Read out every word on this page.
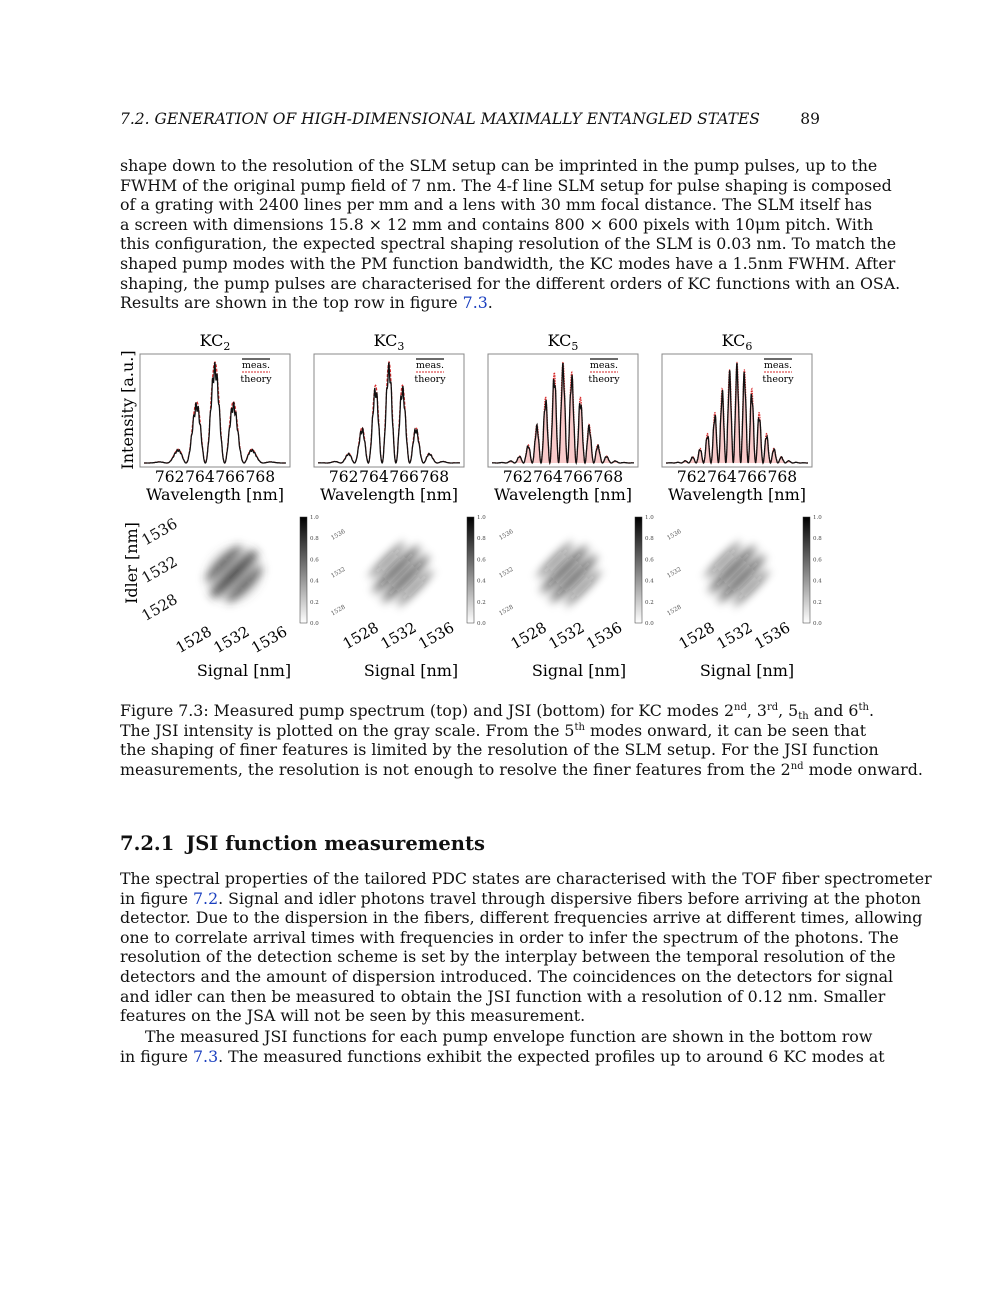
7.2. GENERATION OF HIGH-DIMENSIONAL MAXIMALLY ENTANGLED STATES	89
shape down to the resolution of the SLM setup can be imprinted in the pump pulses, up to the
FWHM of the original pump field of 7 nm. The 4-f line SLM setup for pulse shaping is composed
of a grating with 2400 lines per mm and a lens with 30 mm focal distance. The SLM itself has
a screen with dimensions 15.8 × 12 mm and contains 800 × 600 pixels with 10μm pitch. With
this configuration, the expected spectral shaping resolution of the SLM is 0.03 nm. To match the
shaped pump modes with the PM function bandwidth, the KC modes have a 1.5nm FWHM. After
shaping, the pump pulses are characterised for the different orders of KC functions with an OSA.
Results are shown in the top row in figure 7.3.
Intensity [a.u.]
$KC_2$
meas.
theory
762 764 766 768
Wavelength [nm]
$KC_3$
meas.
theory
762 764 766 768
Wavelength [nm]
$KC_5$
meas.
theory
762 764 766 768
Wavelength [nm]
$KC_6$
meas.
theory
762 764 766 768
Wavelength [nm]
Idler [nm]
1528
1528
1532
1532
1536
1536
Signal [nm]
1.0
0.8
0.6
0.4
0.2
0.0 1528
1528
1532
1532
1536
1536
Signal [nm]
1.0
0.8
0.6
0.4
0.2
0.0 1528
1528
1532
1532
1536
1536
Signal [nm]
1.0
0.8
0.6
0.4
0.2
0.0 1528
1528
1532
1532
1536
1536
Signal [nm]
1.0
0.8
0.6
0.4
0.2
0.0
Figure 7.3: Measured pump spectrum (top) and JSI (bottom) for KC modes 2nd, 3rd, $5_{th}$ and 6th.
The JSI intensity is plotted on the gray scale. From the 5th modes onward, it can be seen that
the shaping of finer features is limited by the resolution of the SLM setup. For the JSI function
measurements, the resolution is not enough to resolve the finer features from the 2nd mode onward.
7.2.1 JSI function measurements
The spectral properties of the tailored PDC states are characterised with the TOF fiber spectrometer
in figure 7.2. Signal and idler photons travel through dispersive fibers before arriving at the photon
detector. Due to the dispersion in the fibers, different frequencies arrive at different times, allowing
one to correlate arrival times with frequencies in order to infer the spectrum of the photons. The
resolution of the detection scheme is set by the interplay between the temporal resolution of the
detectors and the amount of dispersion introduced. The coincidences on the detectors for signal
and idler can then be measured to obtain the JSI function with a resolution of 0.12 nm. Smaller
features on the JSA will not be seen by this measurement.
The measured JSI functions for each pump envelope function are shown in the bottom row
in figure 7.3. The measured functions exhibit the expected profiles up to around 6 KC modes at
